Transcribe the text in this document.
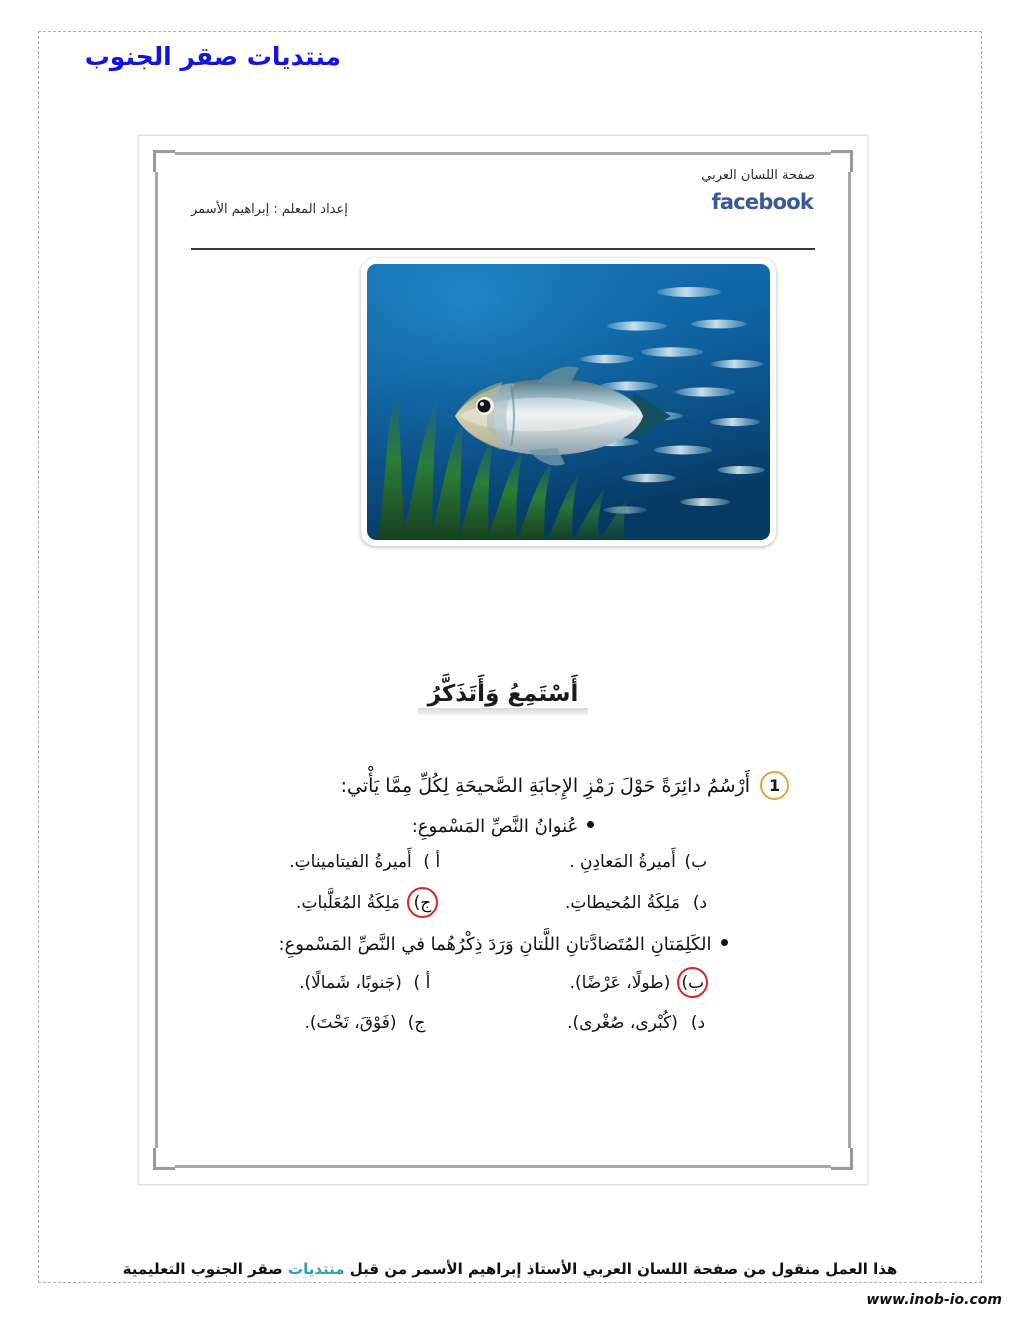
منتديات صقر الجنوب
صفحة اللسان العربي
facebook
إعداد المعلم : إبراهيم الأسمر
أَسْتَمِعُ وَأَتَذَكَّرُ
1
أَرْسُمُ دائِرَةً حَوْلَ رَمْزِ الإِجابَةِ الصَّحيحَةِ لِكُلِّ مِمَّا يَأْتي:
عُنوانُ النَّصِّ المَسْموعِ:
ب)
أَميرةُ المَعادِنِ .
أ )
أَميرةُ الفيتاميناتِ.
د)
مَلِكَةُ المُحيطاتِ.
ج)
مَلِكَةُ المُعَلَّباتِ.
الكَلِمَتانِ المُتَضادَّتانِ اللَّتانِ وَرَدَ ذِكْرُهُما في النَّصِّ المَسْموعِ:
ب)
(طولًا، عَرْضًا).
أ )
(جَنوبًا، شَمالًا).
د)
(كُبْرى، صُغْرى).
ج)
(فَوْقَ، تَحْتَ).
هذا العمل منقول من صفحة اللسان العربي الأستاذ إبراهيم الأسمر من قبل منتديات صقر الجنوب التعليمية
www.inob-io.com
